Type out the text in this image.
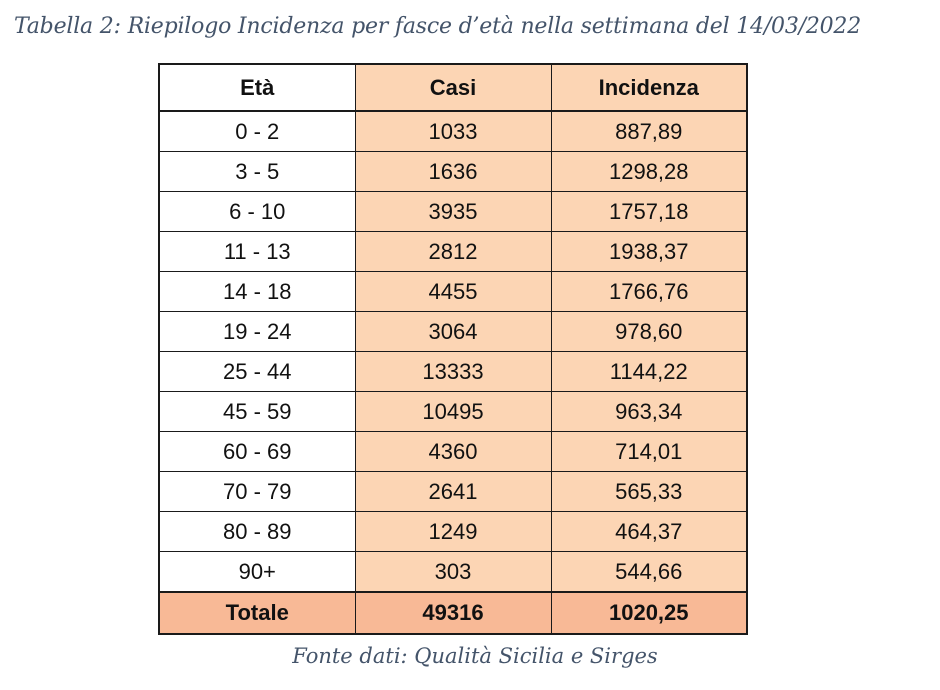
Tabella 2: Riepilogo Incidenza per fasce d’età nella settimana del 14/03/2022
Età	Casi	Incidenza
0 - 2	1033	887,89
3 - 5	1636	1298,28
6 - 10	3935	1757,18
11 - 13	2812	1938,37
14 - 18	4455	1766,76
19 - 24	3064	978,60
25 - 44	13333	1144,22
45 - 59	10495	963,34
60 - 69	4360	714,01
70 - 79	2641	565,33
80 - 89	1249	464,37
90+	303	544,66
Totale	49316	1020,25
Fonte dati: Qualità Sicilia e Sirges
